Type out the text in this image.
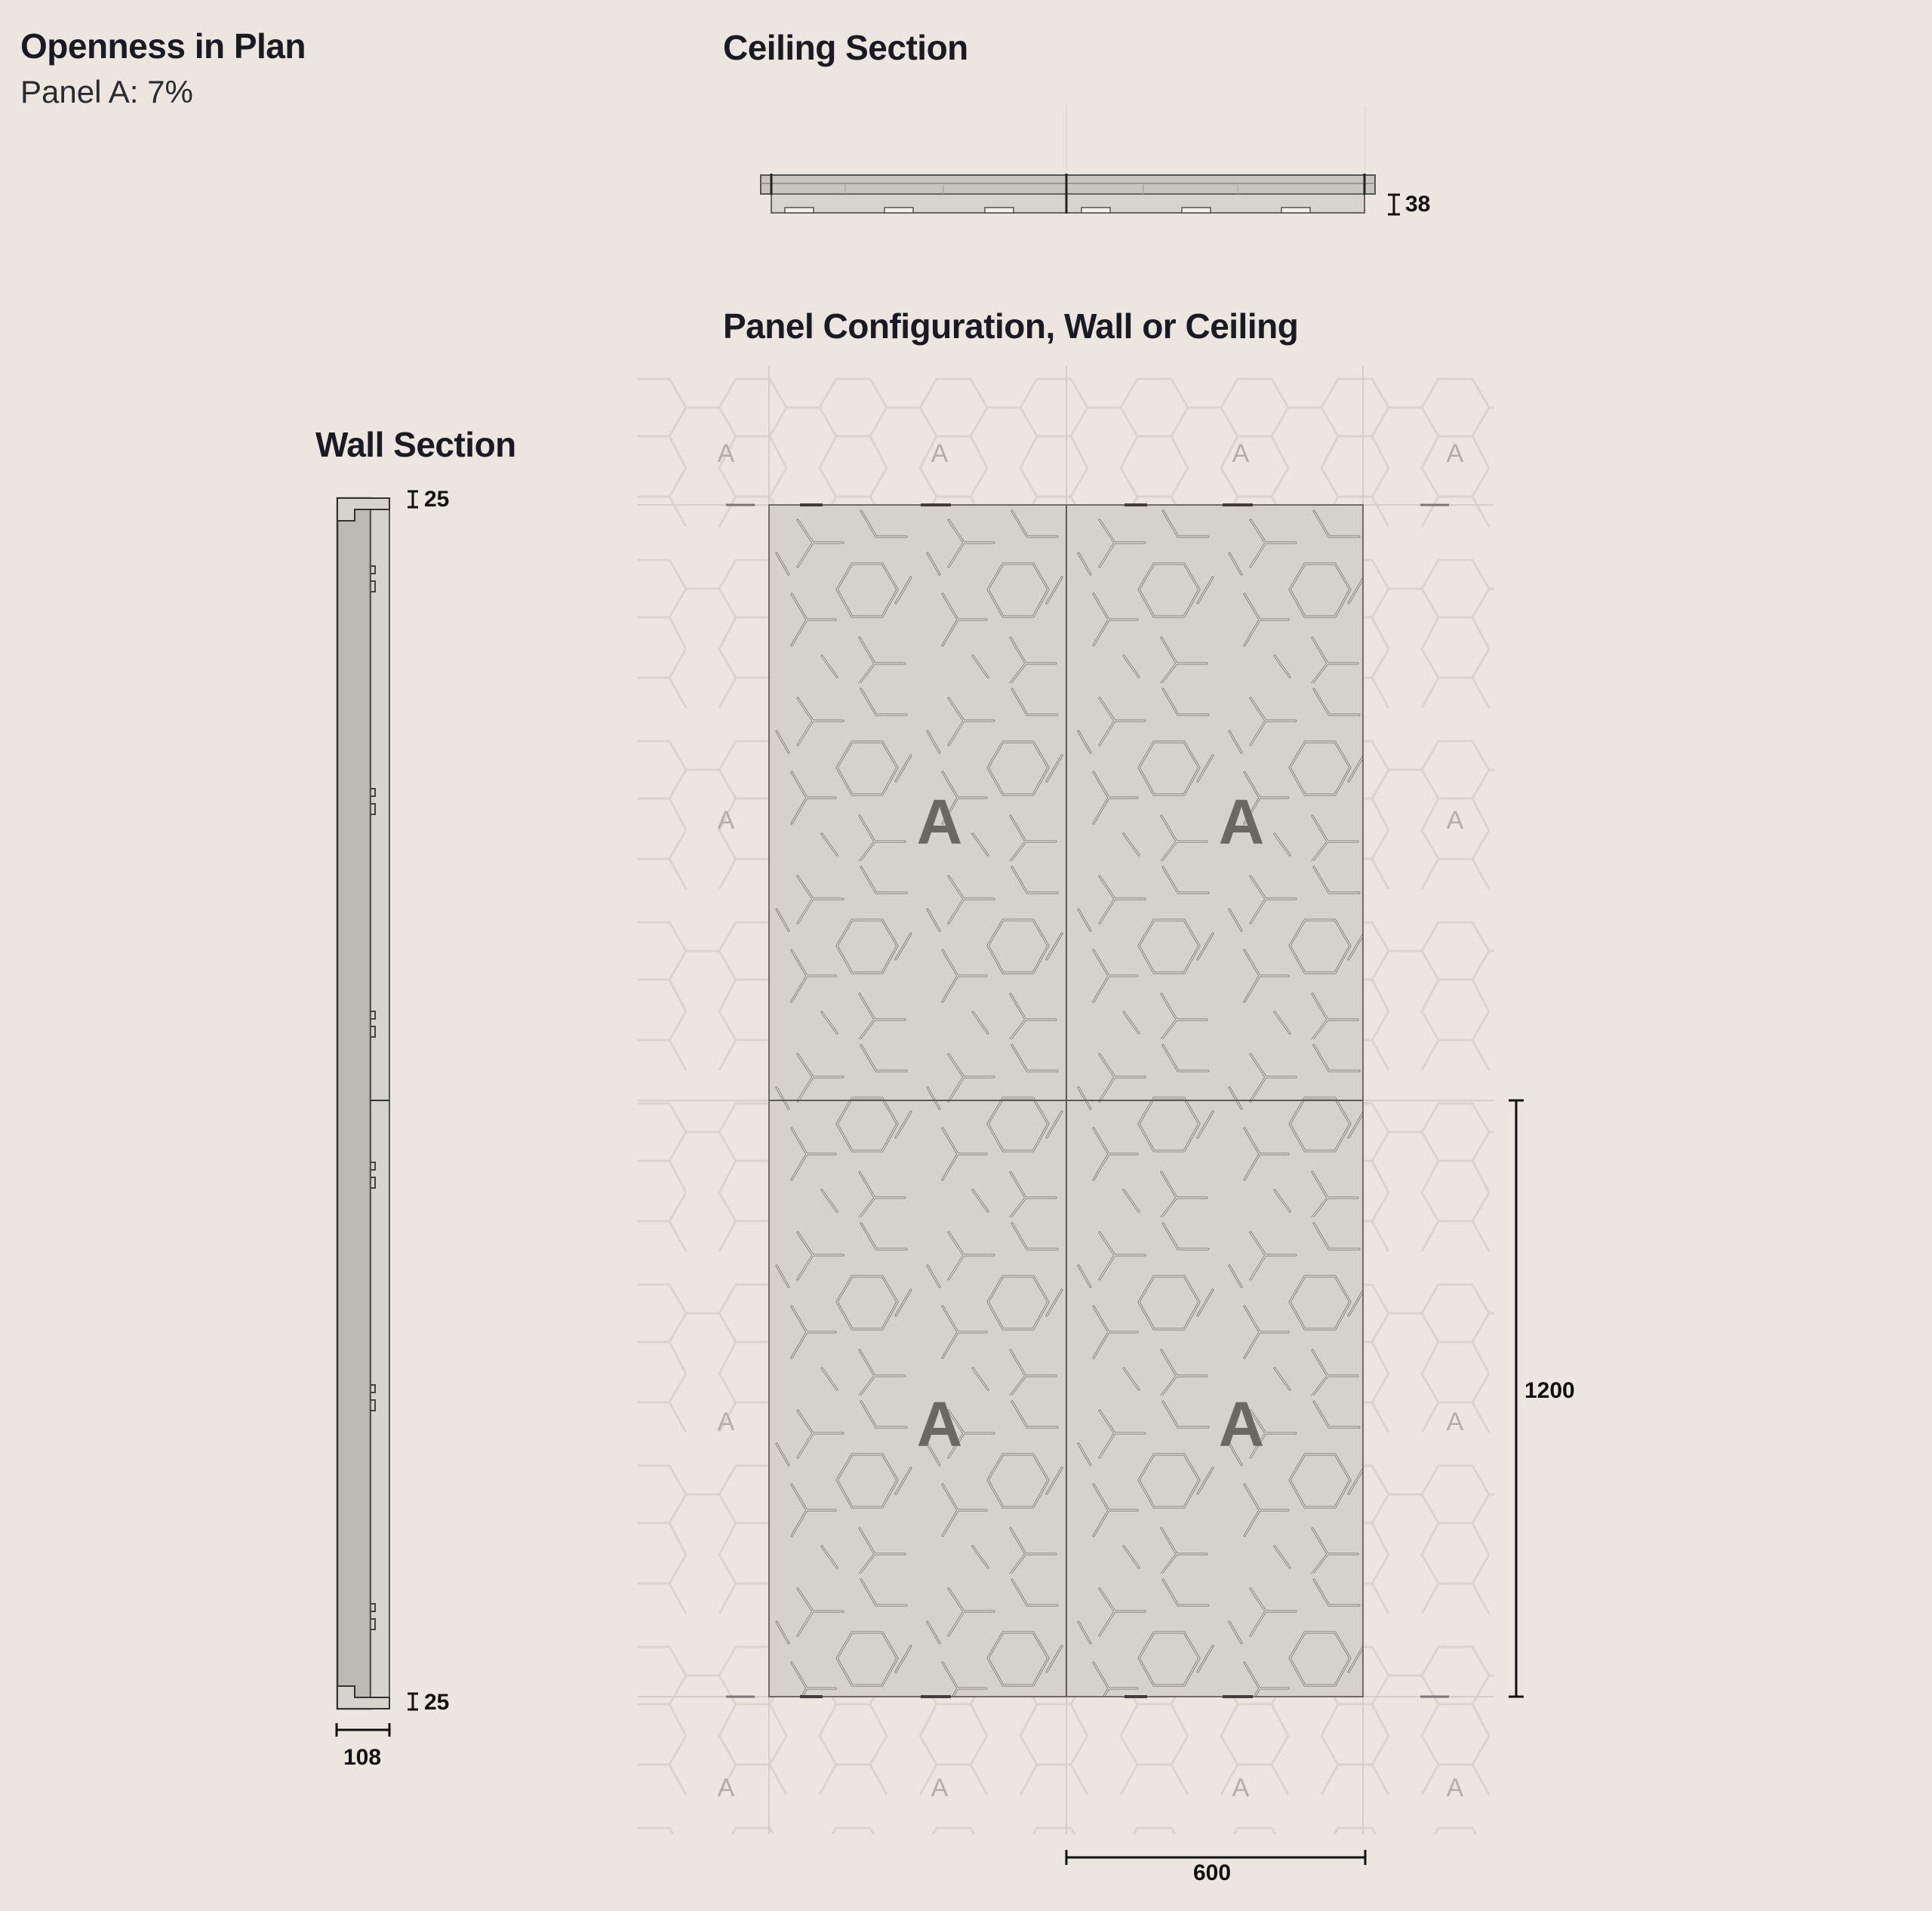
Openness in Plan

Panel A: 7%

Ceiling Section
Panel Configuration, Wall or Ceiling
Wall Section	A	A	A	A
A	A
A	A
A	A	A	A
A	A
A	A	1200
600
38
25
25
108
